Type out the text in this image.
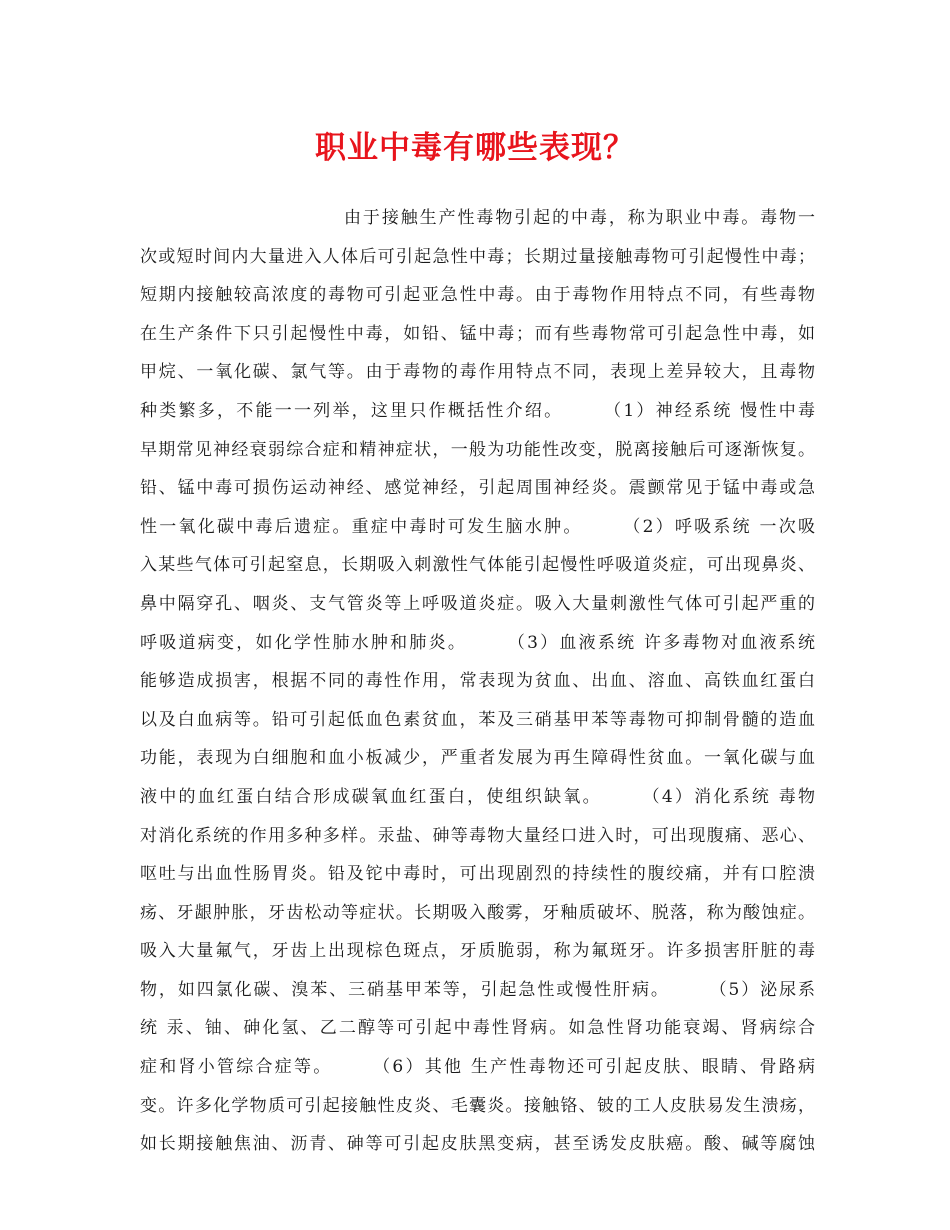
职业中毒有哪些表现？
由于接触生产性毒物引起的中毒，称为职业中毒。毒物一
次或短时间内大量进入人体后可引起急性中毒；长期过量接触毒物可引起慢性中毒；
短期内接触较高浓度的毒物可引起亚急性中毒。由于毒物作用特点不同，有些毒物
在生产条件下只引起慢性中毒，如铅、锰中毒；而有些毒物常可引起急性中毒，如
甲烷、一氧化碳、氯气等。由于毒物的毒作用特点不同，表现上差异较大，且毒物
种类繁多，不能一一列举，这里只作概括性介绍。　　　（1）神经系统 慢性中毒
早期常见神经衰弱综合症和精神症状，一般为功能性改变，脱离接触后可逐渐恢复。
铅、锰中毒可损伤运动神经、感觉神经，引起周围神经炎。震颤常见于锰中毒或急
性一氧化碳中毒后遗症。重症中毒时可发生脑水肿。　　　（2）呼吸系统 一次吸
入某些气体可引起窒息，长期吸入刺激性气体能引起慢性呼吸道炎症，可出现鼻炎、
鼻中隔穿孔、咽炎、支气管炎等上呼吸道炎症。吸入大量刺激性气体可引起严重的
呼吸道病变，如化学性肺水肿和肺炎。　　　（3）血液系统 许多毒物对血液系统
能够造成损害，根据不同的毒性作用，常表现为贫血、出血、溶血、高铁血红蛋白
以及白血病等。铅可引起低血色素贫血，苯及三硝基甲苯等毒物可抑制骨髓的造血
功能，表现为白细胞和血小板减少，严重者发展为再生障碍性贫血。一氧化碳与血
液中的血红蛋白结合形成碳氧血红蛋白，使组织缺氧。　　　（4）消化系统 毒物
对消化系统的作用多种多样。汞盐、砷等毒物大量经口进入时，可出现腹痛、恶心、
呕吐与出血性肠胃炎。铅及铊中毒时，可出现剧烈的持续性的腹绞痛，并有口腔溃
疡、牙龈肿胀，牙齿松动等症状。长期吸入酸雾，牙釉质破坏、脱落，称为酸蚀症。
吸入大量氟气，牙齿上出现棕色斑点，牙质脆弱，称为氟斑牙。许多损害肝脏的毒
物，如四氯化碳、溴苯、三硝基甲苯等，引起急性或慢性肝病。　　　（5）泌尿系
统 汞、铀、砷化氢、乙二醇等可引起中毒性肾病。如急性肾功能衰竭、肾病综合
症和肾小管综合症等。　　　（6）其他 生产性毒物还可引起皮肤、眼睛、骨路病
变。许多化学物质可引起接触性皮炎、毛囊炎。接触铬、铍的工人皮肤易发生溃疡，
如长期接触焦油、沥青、砷等可引起皮肤黑变病，甚至诱发皮肤癌。酸、碱等腐蚀
